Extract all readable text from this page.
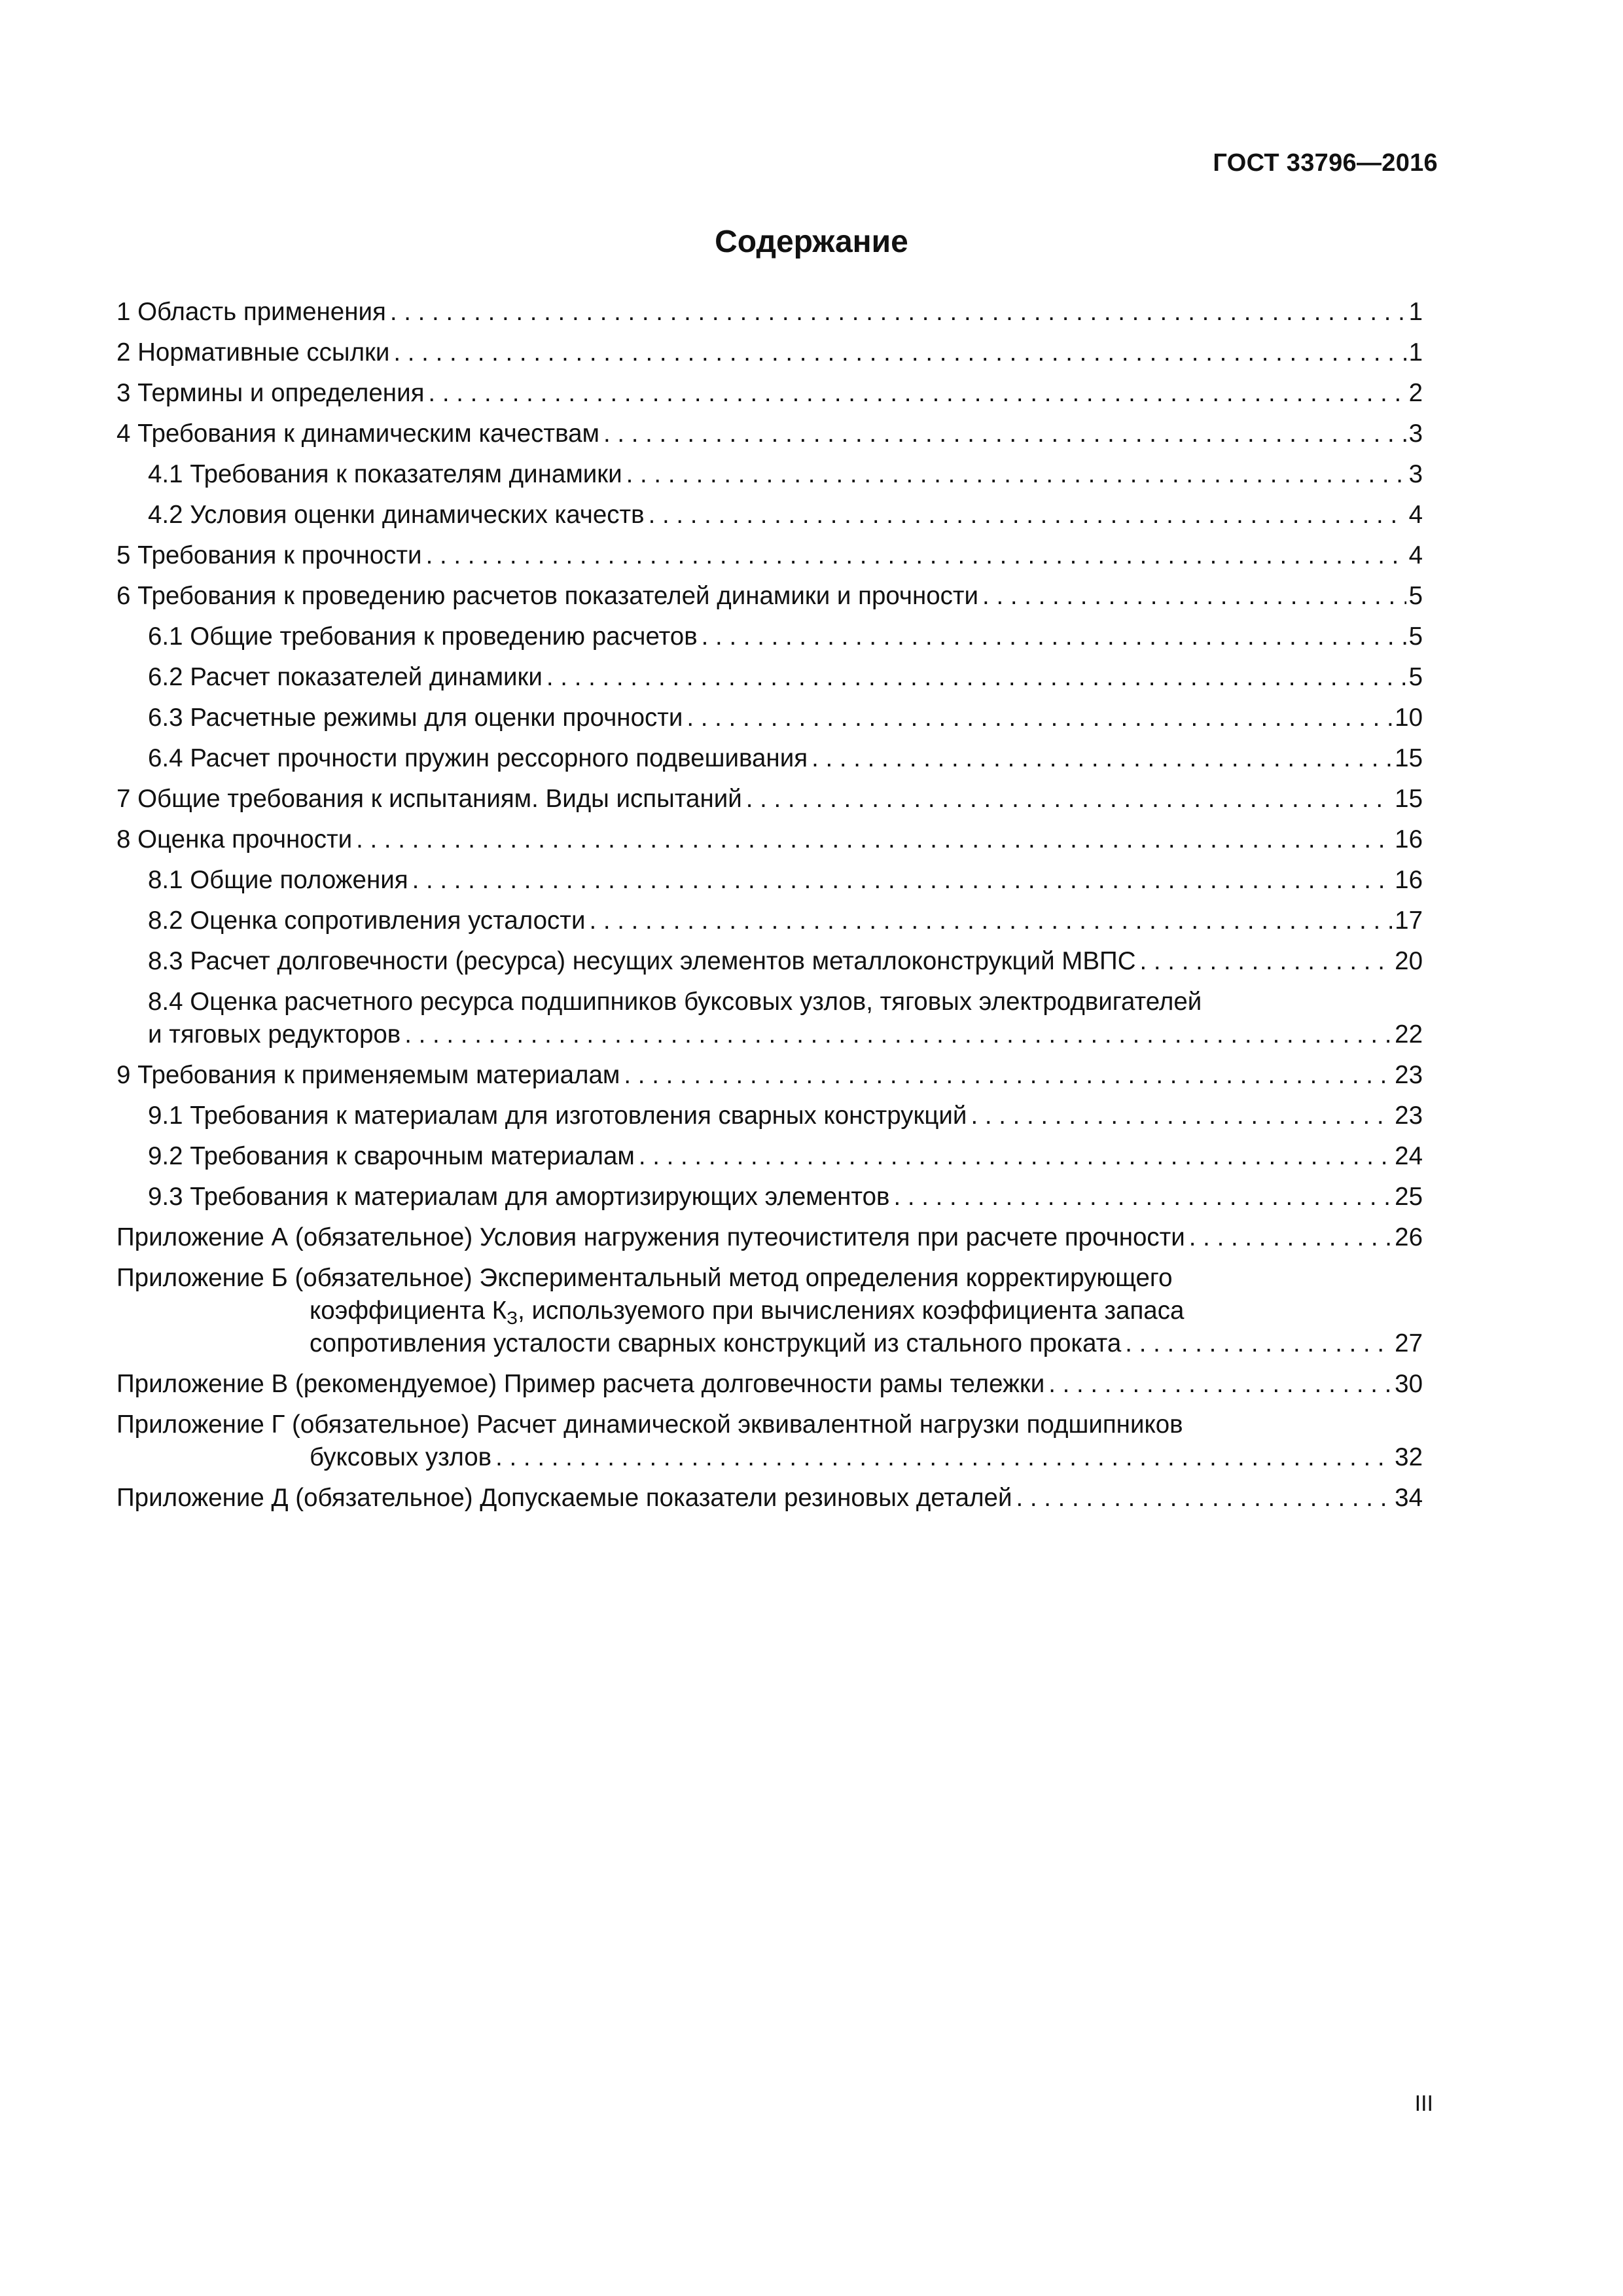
ГОСТ 33796—2016
Содержание
1 Область применения . . .	1
2 Нормативные ссылки . . .	1
3 Термины и определения . . .	2
4 Требования к динамическим качествам . . .	3
4.1 Требования к показателям динамики . . .	3
4.2 Условия оценки динамических качеств . . .	4
5 Требования к прочности . . .	4
6 Требования к проведению расчетов показателей динамики и прочности . . .	5
6.1 Общие требования к проведению расчетов . . .	5
6.2 Расчет показателей динамики . . .	5
6.3 Расчетные режимы для оценки прочности . . .	10
6.4 Расчет прочности пружин рессорного подвешивания . . .	15
7 Общие требования к испытаниям. Виды испытаний . . .	15
8 Оценка прочности . . .	16
8.1 Общие положения . . .	16
8.2 Оценка сопротивления усталости . . .	17
8.3 Расчет долговечности (ресурса) несущих элементов металлоконструкций МВПС . . .	20
8.4 Оценка расчетного ресурса подшипников буксовых узлов, тяговых электродвигателей
и тяговых редукторов . . .	22
9 Требования к применяемым материалам . . .	23
9.1 Требования к материалам для изготовления сварных конструкций . . .	23
9.2 Требования к сварочным материалам . . .	24
9.3 Требования к материалам для амортизирующих элементов . . .	25
Приложение А (обязательное) Условия нагружения путеочистителя при расчете прочности . . .	26
Приложение Б (обязательное) Экспериментальный метод определения корректирующего
коэффициента $К_З$, используемого при вычислениях коэффициента запаса
сопротивления усталости сварных конструкций из стального проката . . .	27
Приложение В (рекомендуемое) Пример расчета долговечности рамы тележки . . .	30
Приложение Г (обязательное) Расчет динамической эквивалентной нагрузки подшипников
буксовых узлов . . .	32
Приложение Д (обязательное) Допускаемые показатели резиновых деталей . . .	34
III
